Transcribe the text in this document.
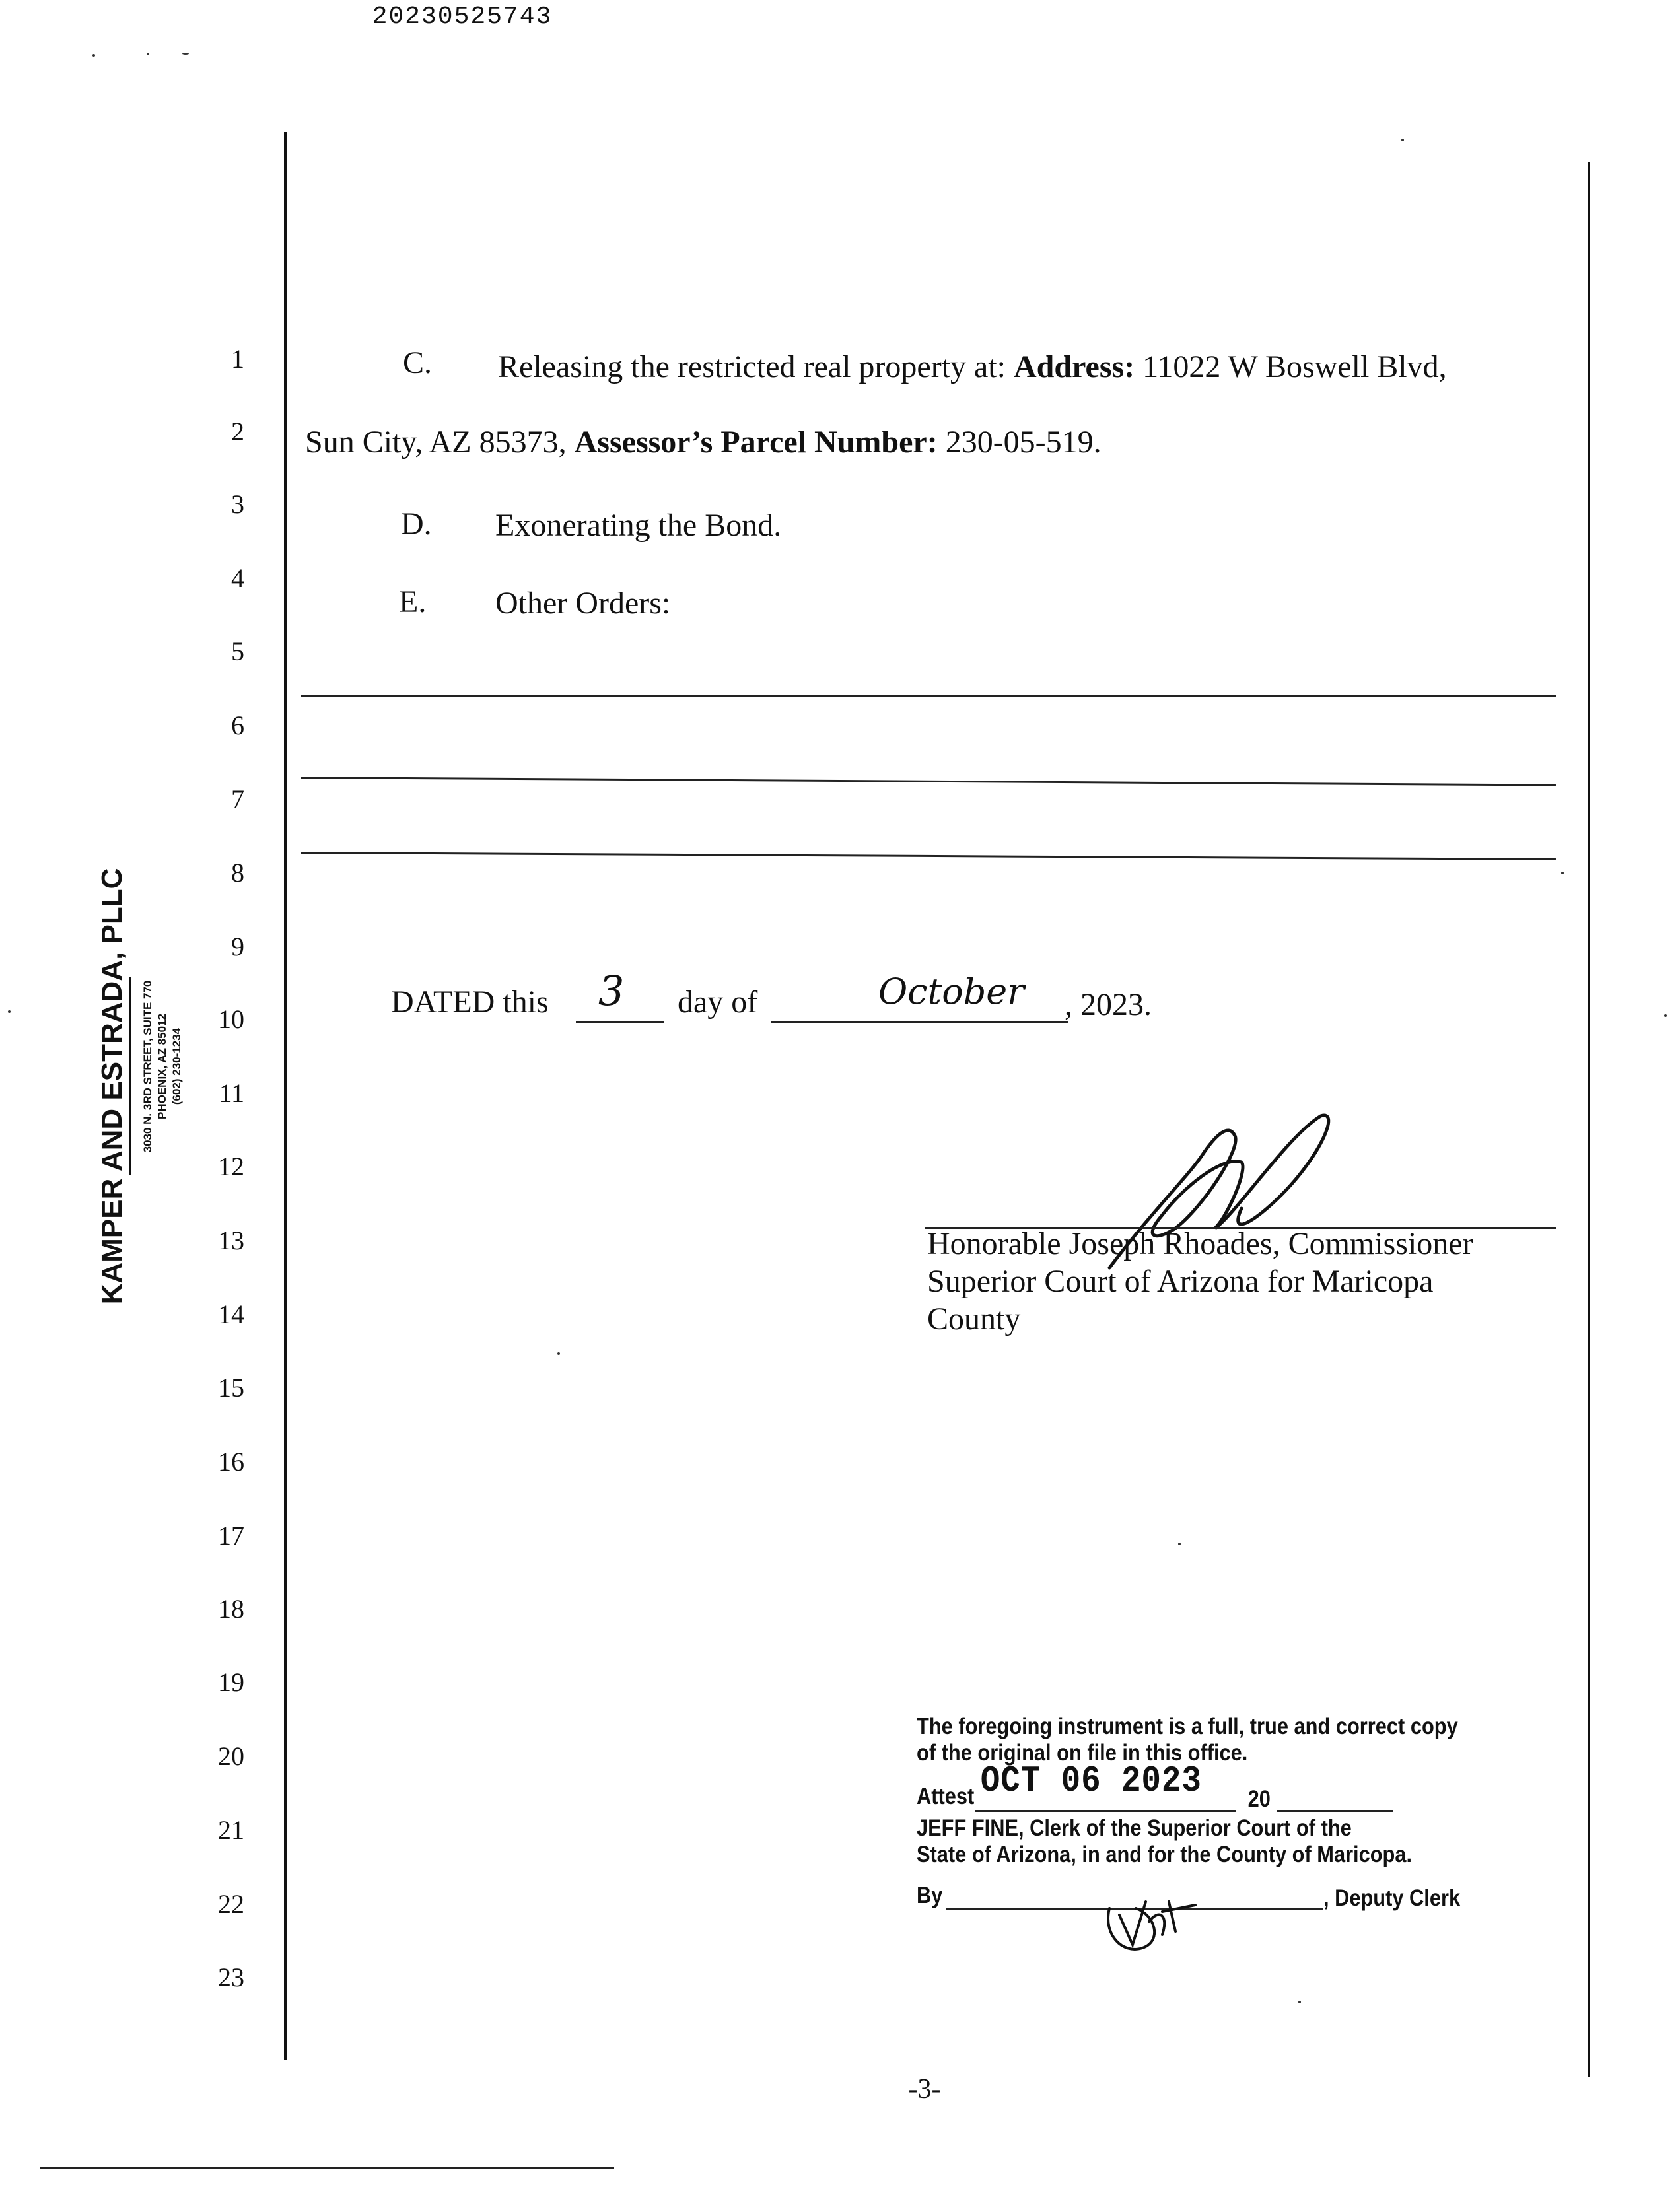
20230525743
KAMPER AND ESTRADA, PLLC 3030 N. 3RD STREET, SUITE 770 PHOENIX, AZ 85012 (602) 230-1234
1
2
3
4
5
6
7
8
9
10
11
12
13
14
15
16
17
18
19
20
21
22
23
C. Releasing the restricted real property at: Address: 11022 W Boswell Blvd,
Sun City, AZ 85373, Assessor’s Parcel Number: 230-05-519.
D. Exonerating the Bond.
E. Other Orders:
DATED this 3 day of	October , 2023.
Honorable Joseph Rhoades, Commissioner
Superior Court of Arizona for Maricopa
County
The foregoing instrument is a full, true and correct copy
of the original on file in this office.
Attest OCT 06 2023 20
JEFF FINE, Clerk of the Superior Court of the
State of Arizona, in and for the County of Maricopa.
By	, Deputy Clerk
-3-
